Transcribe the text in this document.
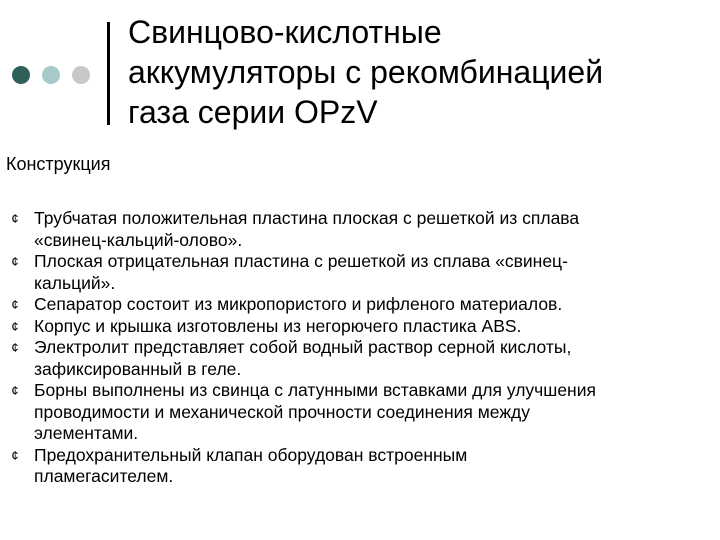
Свинцово-кислотные
аккумуляторы с рекомбинацией
газа серии OPzV
Конструкция
¢ Трубчатая положительная пластина плоская с решеткой из сплава
«свинец-кальций-олово».
¢ Плоская отрицательная пластина с решеткой из сплава «свинец-
кальций».
¢ Сепаратор состоит из микропористого и рифленого материалов.
¢ Корпус и крышка изготовлены из негорючего пластика ABS.
¢ Электролит представляет собой водный раствор серной кислоты,
зафиксированный в геле.
¢ Борны выполнены из свинца с латунными вставками для улучшения
проводимости и механической прочности соединения между
элементами.
¢ Предохранительный клапан оборудован встроенным
пламегасителем.
